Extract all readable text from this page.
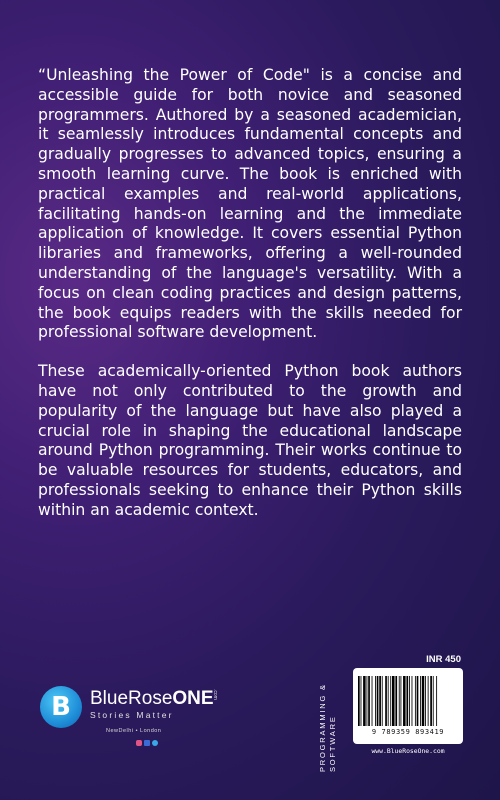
“Unleashing the Power of Code" is a concise and accessible guide for both novice and seasoned programmers. Authored by a seasoned academician, it seamlessly introduces fundamental concepts and gradually progresses to advanced topics, ensuring a smooth learning curve. The book is enriched with practical examples and real-world applications, facilitating hands-on learning and the immediate application of knowledge. It covers essential Python libraries and frameworks, offering a well-rounded understanding of the language's versatility. With a focus on clean coding practices and design patterns, the book equips readers with the skills needed for professional software development.

These academically-oriented Python book authors have not only contributed to the growth and popularity of the language but have also played a crucial role in shaping the educational landscape around Python programming. Their works continue to be valuable resources for students, educators, and professionals seeking to enhance their Python skills within an academic context.

B BlueRoseONE
.com
Stories Matter
NewDelhi • London	PROGRAMMING & SOFTWARE
INR 450
9 789359 893419
www.BlueRoseOne.com
